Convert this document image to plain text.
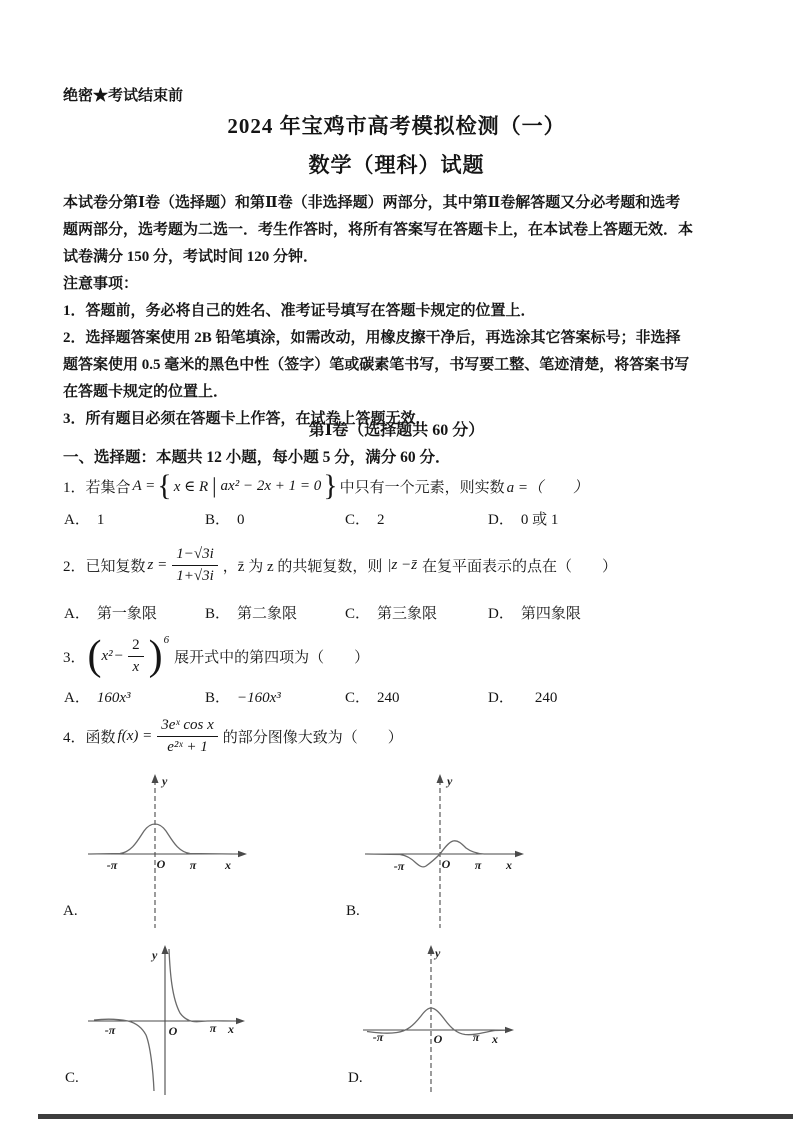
绝密★考试结束前
2024 年宝鸡市高考模拟检测（一）
数学（理科）试题
本试卷分第Ⅰ卷（选择题）和第Ⅱ卷（非选择题）两部分，其中第Ⅱ卷解答题又分必考题和选考
题两部分，选考题为二选一．考生作答时，将所有答案写在答题卡上，在本试卷上答题无效．本
试卷满分 150 分，考试时间 120 分钟．
注意事项：
1．答题前，务必将自己的姓名、准考证号填写在答题卡规定的位置上．
2．选择题答案使用 2B 铅笔填涂，如需改动，用橡皮擦干净后，再选涂其它答案标号；非选择
题答案使用 0.5 毫米的黑色中性（签字）笔或碳素笔书写，书写要工整、笔迹清楚，将答案书写
在答题卡规定的位置上．
3．所有题目必须在答题卡上作答，在试卷上答题无效．
第Ⅰ卷（选择题共 60 分）
一、选择题：本题共 12 小题，每小题 5 分，满分 60 分．
1． 若集合 A = { x ∈ R | ax² − 2x + 1 = 0 } 中只有一个元素，则实数 a =（　　）
A． 1	B． 0	C． 2	D． 0 或 1
2． 已知复数 $z = \frac{1-√3i}{1+√3i}$ ， z̄ 为 z 的共轭复数，则 |z −z̄ 在复平面表示的点在（　　）
A． 第一象限	B． 第二象限	C． 第三象限	D． 第四象限
3． ( $x^2 - \frac{2}{x} )^6$
展开式中的第四项为（　　）
A． 160x³	B． −160x³	C． 240	D． 240
4． 函数 $f(x) = \frac{\text{3eˣ cos x}}{\text{e²ˣ + 1}}$ 的部分图像大致为（　　）
-π	O π x
y
-π	O π x
y
-π	O	π x
y
-π	O	π x
y
A.	B.
C.	D.
